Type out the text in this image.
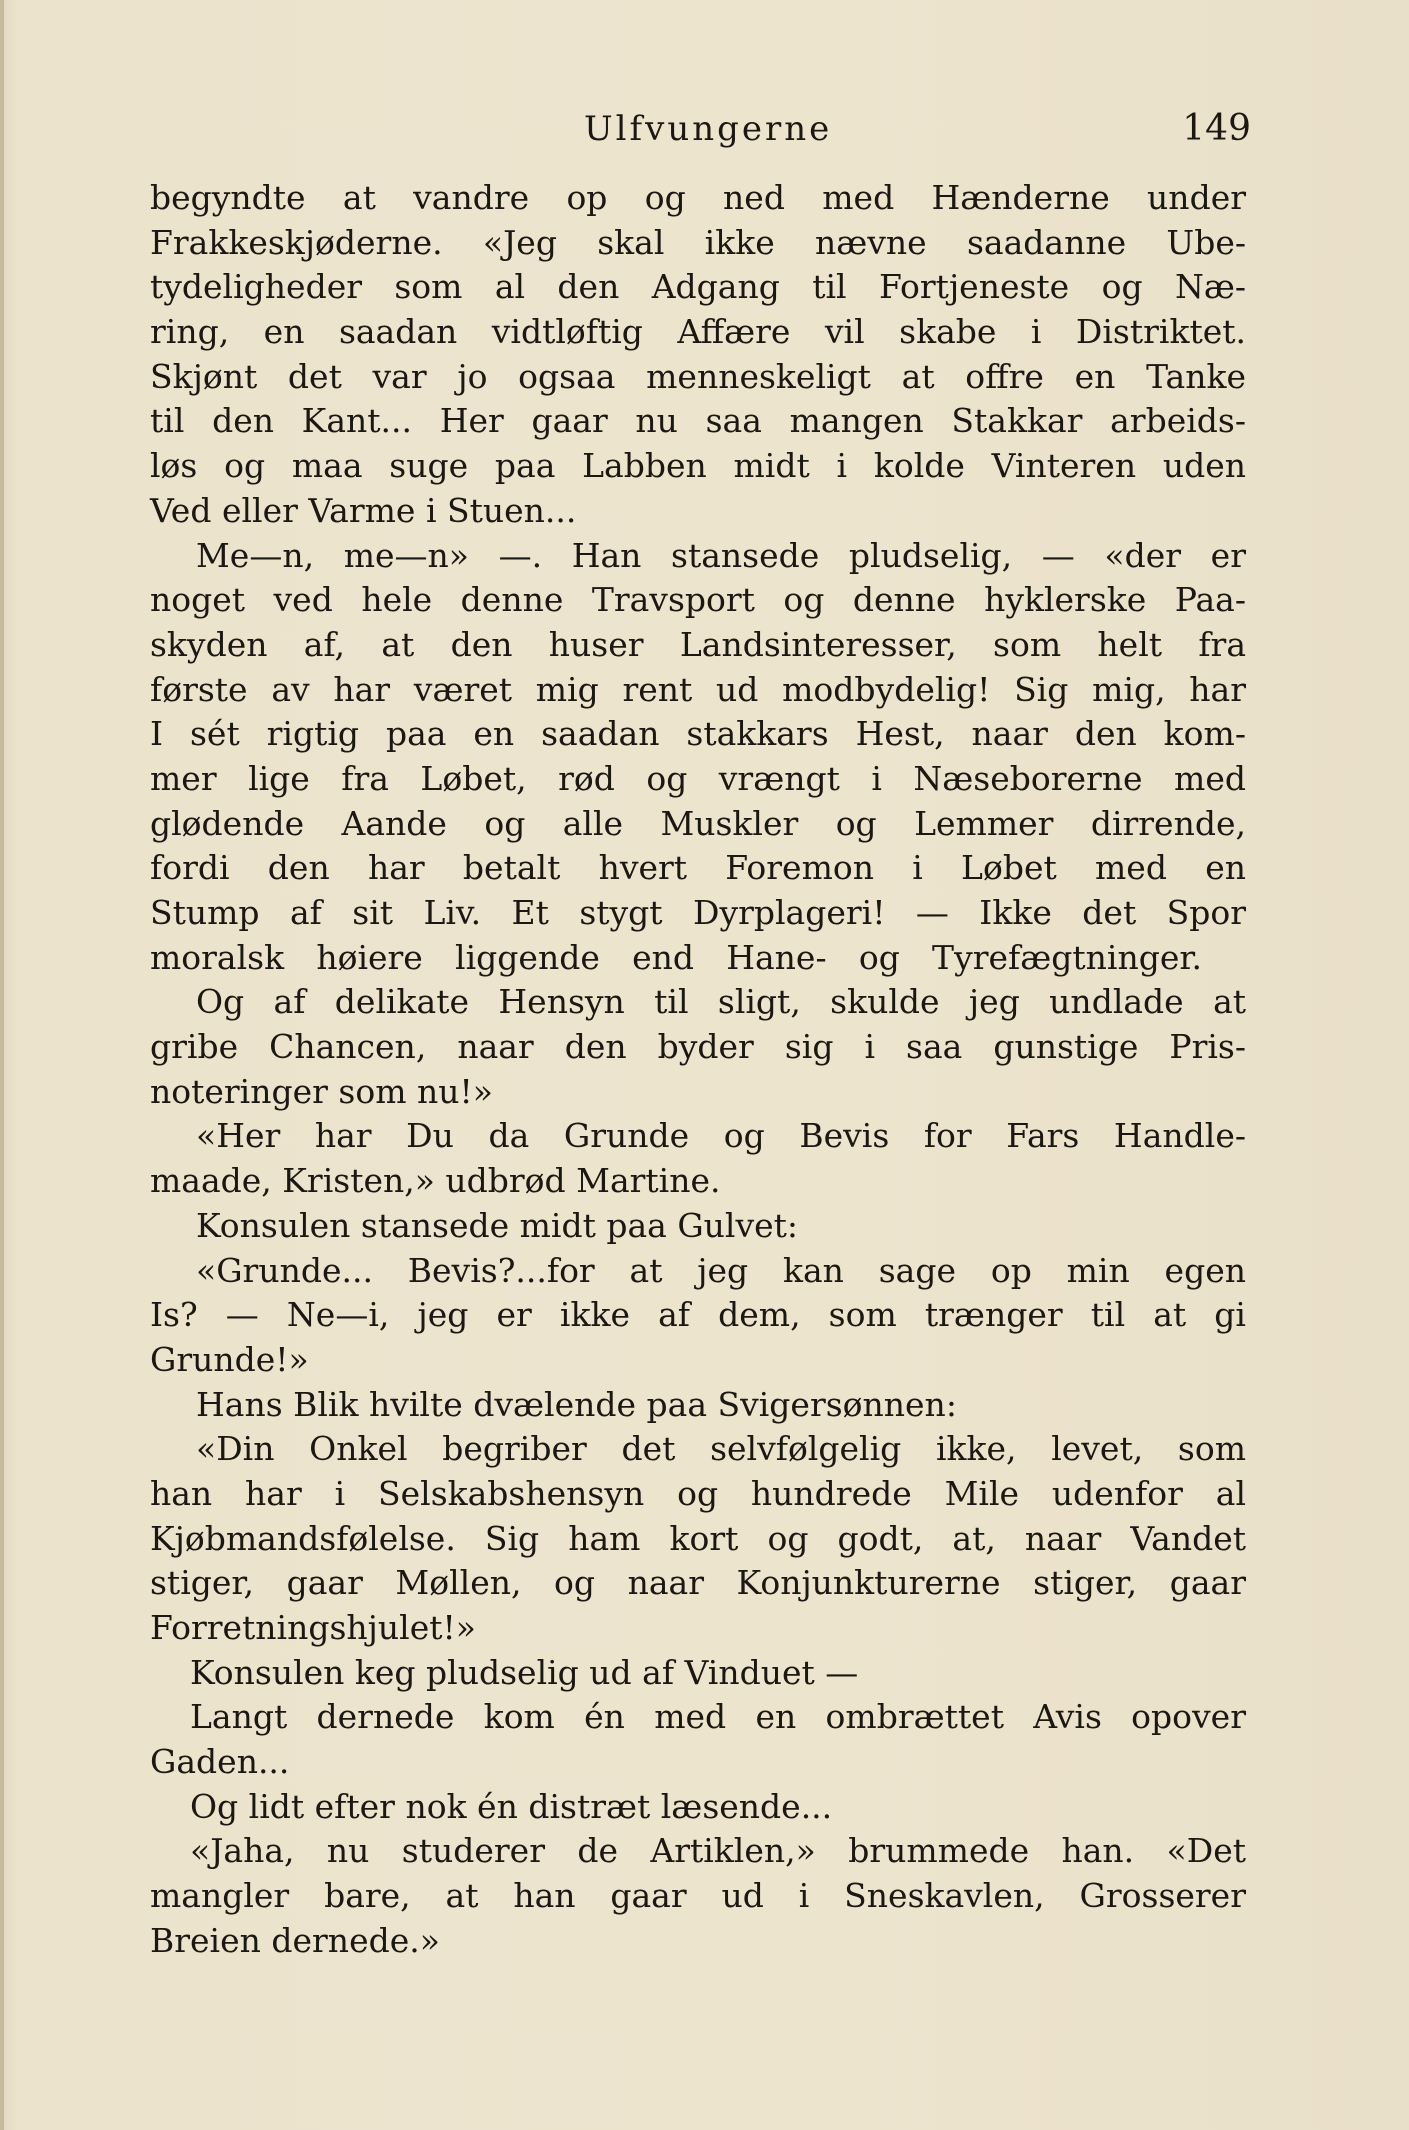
Ulfvungerne	149
begyndte at vandre op og ned med Hænderne under
Frakkeskjøderne. «Jeg skal ikke nævne saadanne Ube-
tydeligheder som al den Adgang til Fortjeneste og Næ-
ring, en saadan vidtløftig Affære vil skabe i Distriktet.
Skjønt det var jo ogsaa menneskeligt at offre en Tanke
til den Kant... Her gaar nu saa mangen Stakkar arbeids-
løs og maa suge paa Labben midt i kolde Vinteren uden
Ved eller Varme i Stuen...
Me—n, me—n» —. Han stansede pludselig, — «der er
noget ved hele denne Travsport og denne hyklerske Paa-
skyden af, at den huser Landsinteresser, som helt fra
første av har været mig rent ud modbydelig! Sig mig, har
I sét rigtig paa en saadan stakkars Hest, naar den kom-
mer lige fra Løbet, rød og vrængt i Næseborerne med
glødende Aande og alle Muskler og Lemmer dirrende,
fordi den har betalt hvert Foremon i Løbet med en
Stump af sit Liv. Et stygt Dyrplageri! — Ikke det Spor
moralsk høiere liggende end Hane- og Tyrefægtninger.
Og af delikate Hensyn til sligt, skulde jeg undlade at
gribe Chancen, naar den byder sig i saa gunstige Pris-
noteringer som nu!»
«Her har Du da Grunde og Bevis for Fars Handle-
maade, Kristen,» udbrød Martine.
Konsulen stansede midt paa Gulvet:
«Grunde... Bevis?...for at jeg kan sage op min egen
Is? — Ne—i, jeg er ikke af dem, som trænger til at gi
Grunde!»
Hans Blik hvilte dvælende paa Svigersønnen:
«Din Onkel begriber det selvfølgelig ikke, levet, som
han har i Selskabshensyn og hundrede Mile udenfor al
Kjøbmandsfølelse. Sig ham kort og godt, at, naar Vandet
stiger, gaar Møllen, og naar Konjunkturerne stiger, gaar
Forretningshjulet!»
Konsulen keg pludselig ud af Vinduet —
Langt dernede kom én med en ombrættet Avis opover
Gaden...
Og lidt efter nok én distræt læsende...
«Jaha, nu studerer de Artiklen,» brummede han. «Det
mangler bare, at han gaar ud i Sneskavlen, Grosserer
Breien dernede.»
